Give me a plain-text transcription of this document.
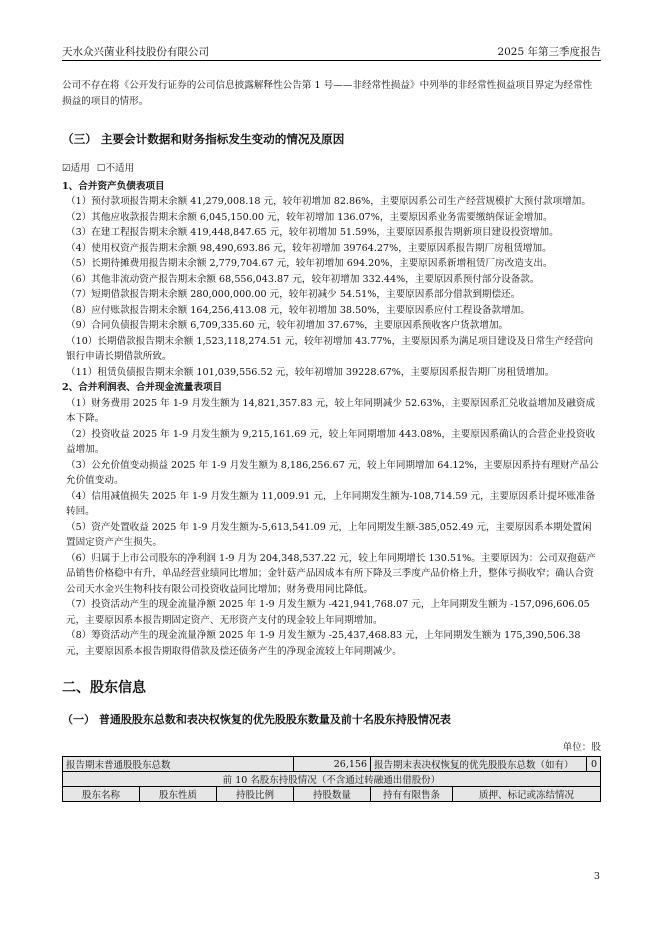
天水众兴菌业科技股份有限公司	2025 年第三季度报告

公司不存在将《公开发行证券的公司信息披露解释性公告第 1 号——非经常性损益》中列举的非经常性损益项目界定为经常性损益的项目的情形。

（三） 主要会计数据和财务指标发生变动的情况及原因

☑适用 ☐不适用

1、合并资产负债表项目

（1）预付款项报告期末余额 41,279,008.18 元，较年初增加 82.86%，主要原因系公司生产经营规模扩大预付款项增加。

（2）其他应收款报告期末余额 6,045,150.00 元，较年初增加 136.07%，主要原因系业务需要缴纳保证金增加。

（3）在建工程报告期末余额 419,448,847.65 元，较年初增加 51.59%，主要原因系报告期新项目建设投资增加。

（4）使用权资产报告期末余额 98,490,693.86 元，较年初增加 39764.27%，主要原因系报告期厂房租赁增加。

（5）长期待摊费用报告期末余额 2,779,704.67 元，较年初增加 694.20%，主要原因系新增租赁厂房改造支出。

（6）其他非流动资产报告期末余额 68,556,043.87 元，较年初增加 332.44%，主要原因系预付部分设备款。

（7）短期借款报告期末余额 280,000,000.00 元，较年初减少 54.51%，主要原因系部分借款到期偿还。

（8）应付账款报告期末余额 164,256,413.08 元，较年初增加 38.50%，主要原因系应付工程设备款增加。

（9）合同负债报告期末余额 6,709,335.60 元，较年初增加 37.67%，主要原因系预收客户货款增加。

（10）长期借款报告期末余额 1,523,118,274.51 元，较年初增加 43.77%，主要原因系为满足项目建设及日常生产经营向银行申请长期借款所致。

（11）租赁负债报告期末余额 101,039,556.52 元，较年初增加 39228.67%，主要原因系报告期厂房租赁增加。

2、合并利润表、合并现金流量表项目

（1）财务费用 2025 年 1-9 月发生额为 14,821,357.83 元，较上年同期减少 52.63%，主要原因系汇兑收益增加及融资成本下降。

（2）投资收益 2025 年 1-9 月发生额为 9,215,161.69 元，较上年同期增加 443.08%，主要原因系确认的合营企业投资收益增加。

（3）公允价值变动损益 2025 年 1-9 月发生额为 8,186,256.67 元，较上年同期增加 64.12%，主要原因系持有理财产品公允价值变动。

（4）信用减值损失 2025 年 1-9 月发生额为 11,009.91 元，上年同期发生额为-108,714.59 元，主要原因系计提坏账准备转回。

（5）资产处置收益 2025 年 1-9 月发生额为-5,613,541.09 元，上年同期发生额-385,052.49 元，主要原因系本期处置闲置固定资产产生损失。

（6）归属于上市公司股东的净利润 1-9 月为 204,348,537.22 元，较上年同期增长 130.51%。主要原因为：公司双孢菇产品销售价格稳中有升，单品经营业绩同比增加；金针菇产品因成本有所下降及三季度产品价格上升，整体亏损收窄；确认合资公司天水金兴生物科技有限公司投资收益同比增加；财务费用同比降低。

（7）投资活动产生的现金流量净额 2025 年 1-9 月发生额为 -421,941,768.07 元，上年同期发生额为 -157,096,606.05 元，主要原因系本报告期固定资产、无形资产支付的现金较上年同期增加。

（8）筹资活动产生的现金流量净额 2025 年 1-9 月发生额为 -25,437,468.83 元，上年同期发生额为 175,390,506.38 元，主要原因系本报告期取得借款及偿还债务产生的净现金流较上年同期减少。

二、股东信息

（一） 普通股股东总数和表决权恢复的优先股股东数量及前十名股东持股情况表

单位：股

报告期末普通股股东总数			26,156	报告期末表决权恢复的优先股股东总数（如有）		0
前 10 名股东持股情况（不含通过转融通出借股份）						
股东名称	股东性质	持股比例	持股数量	持有有限售条	质押、标记或冻结情况	
3
